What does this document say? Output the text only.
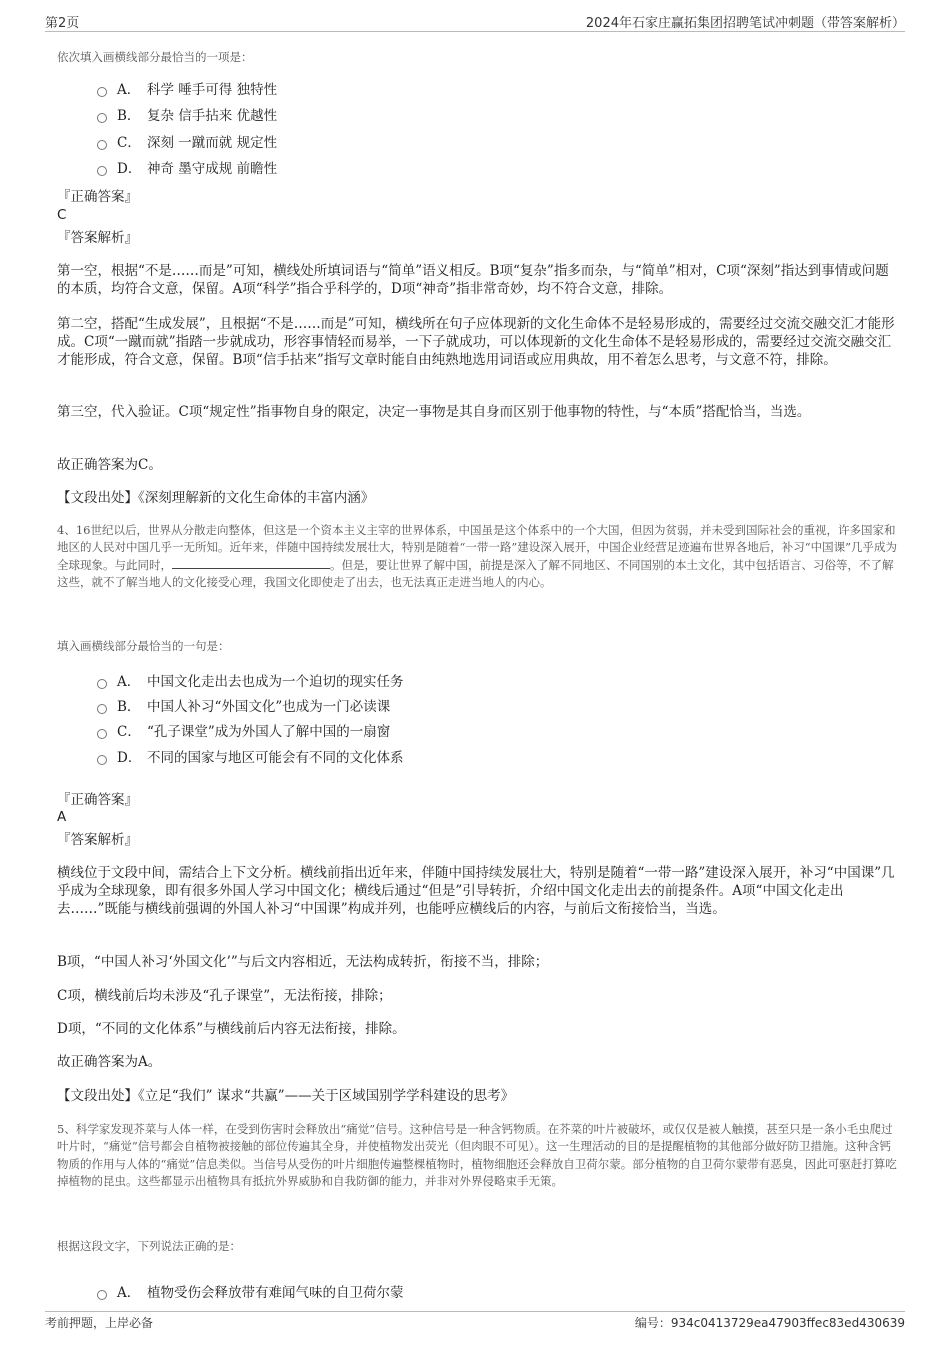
第2页	2024年石家庄赢拓集团招聘笔试冲刺题（带答案解析）
依次填入画横线部分最恰当的一项是：
A． 科学 唾手可得 独特性
B． 复杂 信手拈来 优越性
C． 深刻 一蹴而就 规定性
D． 神奇 墨守成规 前瞻性
『正确答案』
C
『答案解析』
第一空，根据“不是……而是”可知，横线处所填词语与“简单”语义相反。B项“复杂”指多而杂，与“简单”相对，C项“深刻”指达到事情或问题的本质，均符合文意，保留。A项“科学”指合乎科学的，D项“神奇”指非常奇妙，均不符合文意，排除。
第二空，搭配“生成发展”，且根据“不是……而是”可知，横线所在句子应体现新的文化生命体不是轻易形成的，需要经过交流交融交汇才能形成。C项“一蹴而就”指踏一步就成功，形容事情轻而易举，一下子就成功，可以体现新的文化生命体不是轻易形成的，需要经过交流交融交汇才能形成，符合文意，保留。B项“信手拈来”指写文章时能自由纯熟地选用词语或应用典故，用不着怎么思考，与文意不符，排除。
第三空，代入验证。C项“规定性”指事物自身的限定，决定一事物是其自身而区别于他事物的特性，与“本质”搭配恰当，当选。
故正确答案为C。
【文段出处】《深刻理解新的文化生命体的丰富内涵》
4、16世纪以后，世界从分散走向整体，但这是一个资本主义主宰的世界体系，中国虽是这个体系中的一个大国，但因为贫弱，并未受到国际社会的重视，许多国家和地区的人民对中国几乎一无所知。近年来，伴随中国持续发展壮大，特别是随着“一带一路”建设深入展开，中国企业经营足迹遍布世界各地后，补习“中国课”几乎成为全球现象。与此同时，	。但是，要让世界了解中国，前提是深入了解不同地区、不同国别的本土文化，其中包括语言、习俗等，不了解这些，就不了解当地人的文化接受心理，我国文化即使走了出去，也无法真正走进当地人的内心。
填入画横线部分最恰当的一句是：
A． 中国文化走出去也成为一个迫切的现实任务
B． 中国人补习“外国文化”也成为一门必读课
C． “孔子课堂”成为外国人了解中国的一扇窗
D． 不同的国家与地区可能会有不同的文化体系
『正确答案』
A
『答案解析』
横线位于文段中间，需结合上下文分析。横线前指出近年来，伴随中国持续发展壮大，特别是随着“一带一路”建设深入展开，补习“中国课”几乎成为全球现象，即有很多外国人学习中国文化；横线后通过“但是”引导转折，介绍中国文化走出去的前提条件。A项“中国文化走出去……”既能与横线前强调的外国人补习“中国课”构成并列，也能呼应横线后的内容，与前后文衔接恰当，当选。
B项，“中国人补习‘外国文化’”与后文内容相近，无法构成转折，衔接不当，排除；
C项，横线前后均未涉及“孔子课堂”，无法衔接，排除；
D项，“不同的文化体系”与横线前后内容无法衔接，排除。
故正确答案为A。
【文段出处】《立足“我们” 谋求“共赢”——关于区域国别学学科建设的思考》
5、科学家发现芥菜与人体一样，在受到伤害时会释放出“痛觉”信号。这种信号是一种含钙物质。在芥菜的叶片被破坏，或仅仅是被人触摸，甚至只是一条小毛虫爬过叶片时，“痛觉”信号都会自植物被接触的部位传遍其全身，并使植物发出荧光（但肉眼不可见）。这一生理活动的目的是提醒植物的其他部分做好防卫措施。这种含钙物质的作用与人体的“痛觉”信息类似。当信号从受伤的叶片细胞传遍整棵植物时，植物细胞还会释放自卫荷尔蒙。部分植物的自卫荷尔蒙带有恶臭，因此可驱赶打算吃掉植物的昆虫。这些都显示出植物具有抵抗外界威胁和自我防御的能力，并非对外界侵略束手无策。
根据这段文字，下列说法正确的是：
A． 植物受伤会释放带有难闻气味的自卫荷尔蒙
考前押题，上岸必备	编号：934c0413729ea47903ffec83ed430639
